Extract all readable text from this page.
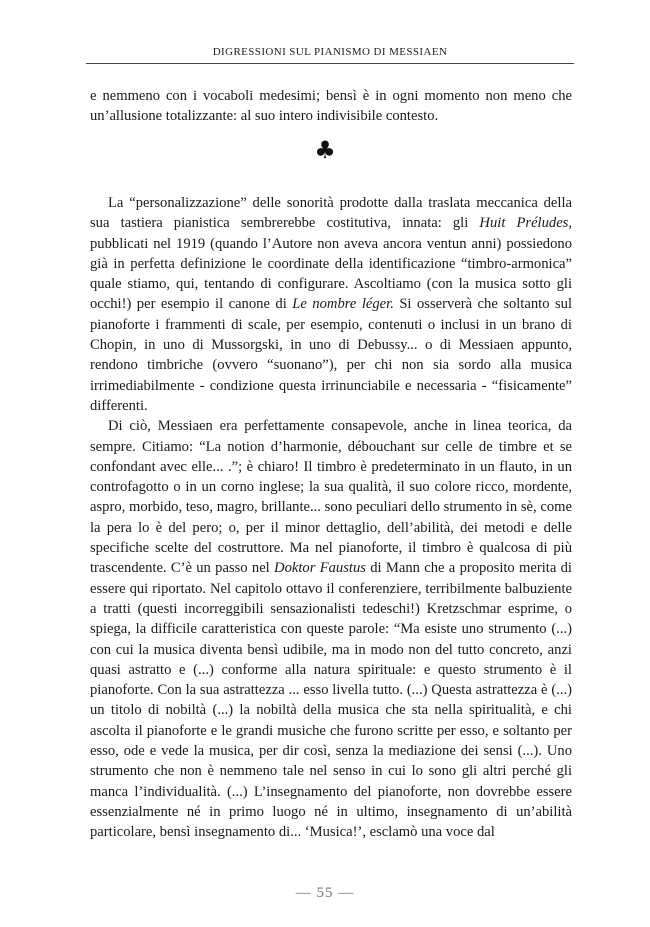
DIGRESSIONI SUL PIANISMO DI MESSIAEN

e nemmeno con i vocaboli medesimi; bensì è in ogni momento non meno che un’allusione totalizzante: al suo intero indivisibile contesto.

♣

La “personalizzazione” delle sonorità prodotte dalla traslata meccanica della sua tastiera pianistica sembrerebbe costitutiva, innata: gli Huit Préludes, pubblicati nel 1919 (quando l’Autore non aveva ancora ventun anni) possiedono già in perfetta definizione le coordinate della identificazione “timbro-armonica” quale stiamo, qui, tentando di configurare. Ascoltiamo (con la musica sotto gli occhi!) per esempio il canone di Le nombre léger. Si osserverà che soltanto sul pianoforte i frammenti di scale, per esempio, contenuti o inclusi in un brano di Chopin, in uno di Mussorgski, in uno di Debussy... o di Messiaen appunto, rendono timbriche (ovvero “suonano”), per chi non sia sordo alla musica irrimediabilmente - condizione questa irrinunciabile e necessaria - “fisicamente” differenti.

Di ciò, Messiaen era perfettamente consapevole, anche in linea teorica, da sempre. Citiamo: “La notion d’harmonie, débouchant sur celle de timbre et se confondant avec elle... .”; è chiaro! Il timbro è predeterminato in un flauto, in un controfagotto o in un corno inglese; la sua qualità, il suo colore ricco, mordente, aspro, morbido, teso, magro, brillante... sono peculiari dello strumento in sè, come la pera lo è del pero; o, per il minor dettaglio, dell’abilità, dei metodi e delle specifiche scelte del costruttore. Ma nel pianoforte, il timbro è qualcosa di più trascendente. C’è un passo nel Doktor Faustus di Mann che a proposito merita di essere qui riportato. Nel capitolo ottavo il conferenziere, terribilmente balbuziente a tratti (questi incorreggibili sensazionalisti tedeschi!) Kretzschmar esprime, o spiega, la difficile caratteristica con queste parole: “Ma esiste uno strumento (...) con cui la musica diventa bensì udibile, ma in modo non del tutto concreto, anzi quasi astratto e (...) conforme alla natura spirituale: e questo strumento è il pianoforte. Con la sua astrattezza ... esso livella tutto. (...) Questa astrattezza è (...) un titolo di nobiltà (...) la nobiltà della musica che sta nella spiritualità, e chi ascolta il pianoforte e le grandi musiche che furono scritte per esso, e soltanto per esso, ode e vede la musica, per dir così, senza la mediazione dei sensi (...). Uno strumento che non è nemmeno tale nel senso in cui lo sono gli altri perché gli manca l’individualità. (...) L’insegnamento del pianoforte, non dovrebbe essere essenzialmente né in primo luogo né in ultimo, insegnamento di un’abilità particolare, bensì insegnamento di... ‘Musica!’, esclamò una voce dal

— 55 —
